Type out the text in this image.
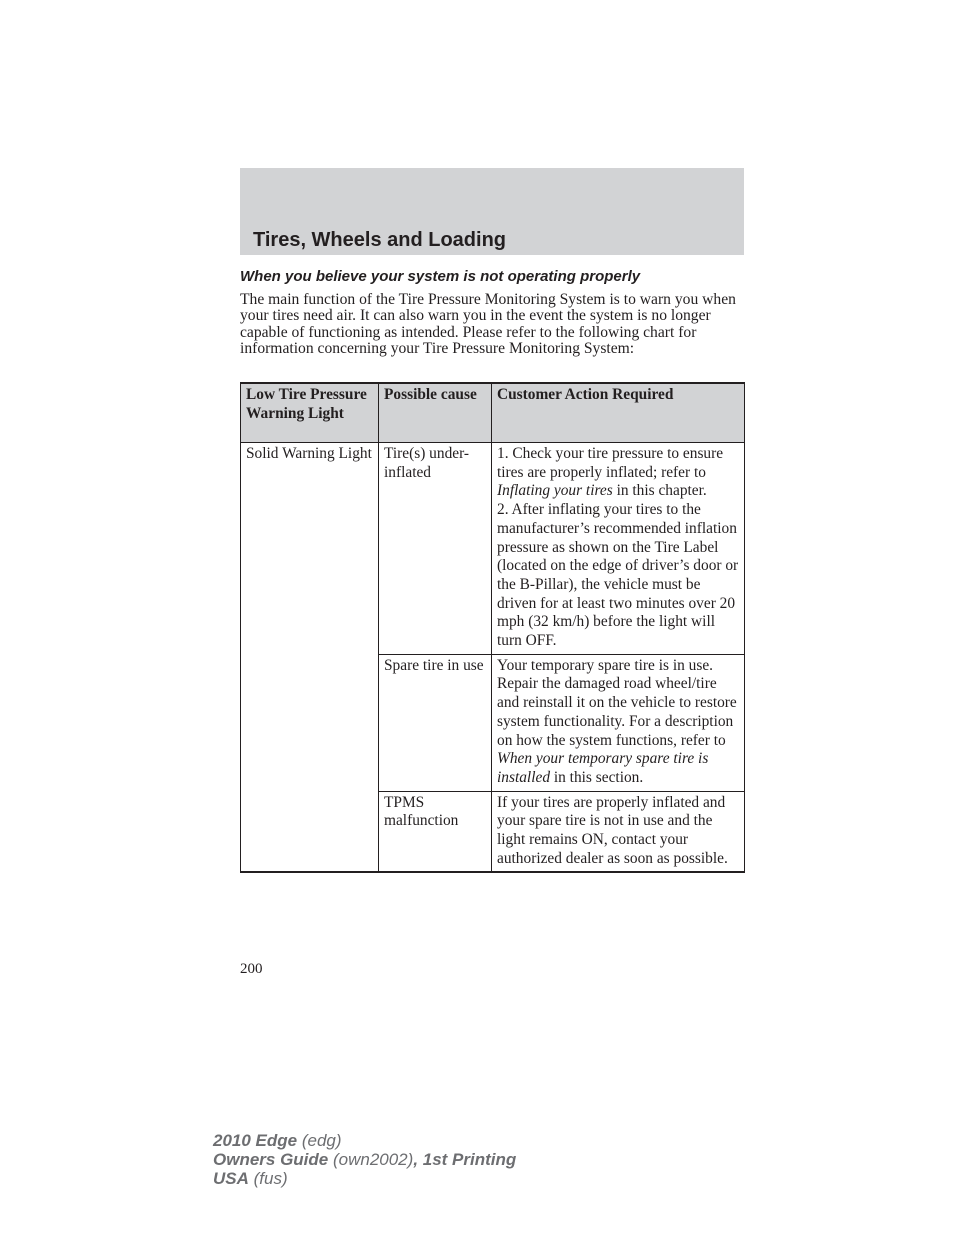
Tires, Wheels and Loading
When you believe your system is not operating properly

The main function of the Tire Pressure Monitoring System is to warn you when your tires need air. It can also warn you in the event the system is no longer capable of functioning as intended. Please refer to the following chart for information concerning your Tire Pressure Monitoring System:

Low Tire Pressure Warning Light	Possible cause	Customer Action Required
Solid Warning Light	Tire(s) under-inflated	1. Check your tire pressure to ensure tires are properly inflated; refer to Inflating your tires in this chapter.
2. After inflating your tires to the manufacturer’s recommended inflation pressure as shown on the Tire Label (located on the edge of driver’s door or the B-Pillar), the vehicle must be driven for at least two minutes over 20 mph (32 km/h) before the light will turn OFF.
	Spare tire in use	Your temporary spare tire is in use. Repair the damaged road wheel/tire and reinstall it on the vehicle to restore system functionality. For a description on how the system functions, refer to When your temporary spare tire is installed in this section.
	TPMS malfunction	If your tires are properly inflated and your spare tire is not in use and the light remains ON, contact your authorized dealer as soon as possible.

200

2010 Edge (edg)
Owners Guide (own2002), 1st Printing
USA (fus)
